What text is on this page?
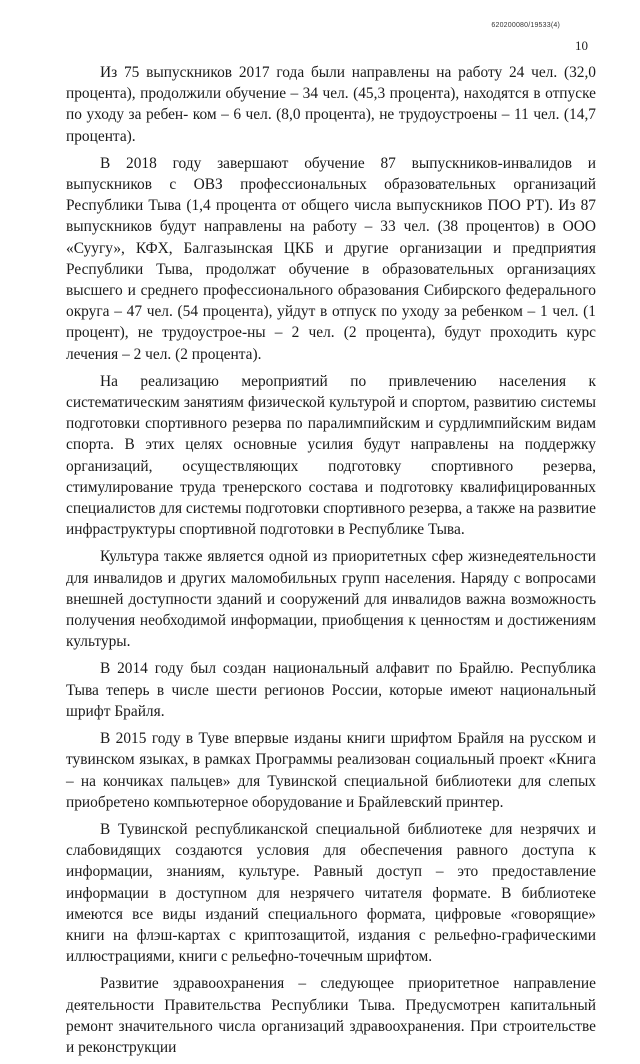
620200080/19533(4)
10

Из 75 выпускников 2017 года были направлены на работу 24 чел. (32,0 процента), продолжили обучение – 34 чел. (45,3 процента), находятся в отпуске по уходу за ребен- ком – 6 чел. (8,0 процента), не трудоустроены – 11 чел. (14,7 процента).

В 2018 году завершают обучение 87 выпускников-инвалидов и выпускников с ОВЗ профессиональных образовательных организаций Республики Тыва (1,4 процента от общего числа выпускников ПОО РТ). Из 87 выпускников будут направлены на работу – 33 чел. (38 процентов) в ООО «Суугу», КФХ, Балгазынская ЦКБ и другие организации и предприятия Республики Тыва, продолжат обучение в образовательных организациях высшего и среднего профессионального образования Сибирского федерального округа – 47 чел. (54 процента), уйдут в отпуск по уходу за ребенком – 1 чел. (1 процент), не трудоустрое-ны – 2 чел. (2 процента), будут проходить курс лечения – 2 чел. (2 процента).

На реализацию мероприятий по привлечению населения к систематическим занятиям физической культурой и спортом, развитию системы подготовки спортивного резерва по паралимпийским и сурдлимпийским видам спорта. В этих целях основные усилия будут направлены на поддержку организаций, осуществляющих подготовку спортивного резерва, стимулирование труда тренерского состава и подготовку квалифицированных специалистов для системы подготовки спортивного резерва, а также на развитие инфраструктуры спортивной подготовки в Республике Тыва.

Культура также является одной из приоритетных сфер жизнедеятельности для инвалидов и других маломобильных групп населения. Наряду с вопросами внешней доступности зданий и сооружений для инвалидов важна возможность получения необходимой информации, приобщения к ценностям и достижениям культуры.

В 2014 году был создан национальный алфавит по Брайлю. Республика Тыва теперь в числе шести регионов России, которые имеют национальный шрифт Брайля.

В 2015 году в Туве впервые изданы книги шрифтом Брайля на русском и тувинском языках, в рамках Программы реализован социальный проект «Книга – на кончиках пальцев» для Тувинской специальной библиотеки для слепых приобретено компьютерное оборудование и Брайлевский принтер.

В Тувинской республиканской специальной библиотеке для незрячих и слабовидящих создаются условия для обеспечения равного доступа к информации, знаниям, культуре. Равный доступ – это предоставление информации в доступном для незрячего читателя формате. В библиотеке имеются все виды изданий специального формата, цифровые «говорящие» книги на флэш-картах с криптозащитой, издания с рельефно-графическими иллюстрациями, книги с рельефно-точечным шрифтом.

Развитие здравоохранения – следующее приоритетное направление деятельности Правительства Республики Тыва. Предусмотрен капитальный ремонт значительного числа организаций здравоохранения. При строительстве и реконструкции
